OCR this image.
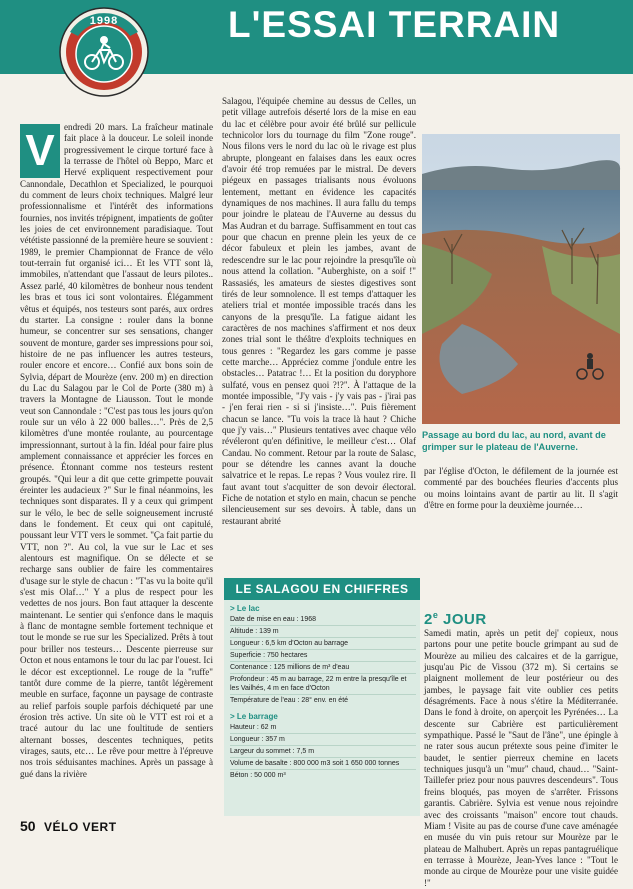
L'ESSAI TERRAIN
1998
V	endredi 20 mars. La fraîcheur matinale fait place à la douceur. Le soleil inonde progressivement le cirque torturé face à la terrasse de l'hôtel où Beppo, Marc et Hervé expliquent respectivement pour Cannondale, Decathlon et Specialized, le pourquoi du comment de leurs choix techniques. Malgré leur professionnalisme et l'intérêt des informations fournies, nos invités trépignent, impatients de goûter les joies de cet environnement paradisiaque. Tout vététiste passionné de la première heure se souvient : 1989, le premier Championnat de France de vélo tout-terrain fut organisé ici… Et les VTT sont là, immobiles, n'attendant que l'assaut de leurs pilotes.. Assez parlé, 40 kilomètres de bonheur nous tendent les bras et tous ici sont volontaires. Élégamment vêtus et équipés, nos testeurs sont parés, aux ordres du starter. La consigne : rouler dans la bonne humeur, se concentrer sur ses sensations, changer souvent de monture, garder ses impressions pour soi, histoire de ne pas influencer les autres testeurs, rouler encore et encore… Confié aux bons soin de Sylvia, départ de Mourèze (env. 200 m) en direction du Lac du Salagou par le Col de Porte (380 m) à travers la Montagne de Liausson. Tout le monde veut son Cannondale : "C'est pas tous les jours qu'on roule sur un vélo à 22 000 balles…". Près de 2,5 kilomètres d'une montée roulante, au pourcentage impressionnant, surtout à la fin. Idéal pour faire plus amplement connaissance et apprécier les forces en présence. Étonnant comme nos testeurs restent groupés. "Qui leur a dit que cette grimpette pouvait éreinter les audacieux ?" Sur le final néanmoins, les techniques sont disparates. Il y a ceux qui grimpent sur le vélo, le bec de selle soigneusement incrusté dans le fondement. Et ceux qui ont capitulé, poussant leur VTT vers le sommet. "Ça fait partie du VTT, non ?". Au col, la vue sur le Lac et ses alentours est magnifique. On se délecte et se recharge sans oublier de faire les commentaires d'usage sur le style de chacun : "T'as vu la boite qu'il s'est mis Olaf…" Y a plus de respect pour les vedettes de nos jours. Bon faut attaquer la descente maintenant. Le sentier qui s'enfonce dans le maquis à flanc de montagne semble fortement technique et tout le monde se rue sur les Specialized. Prêts à tout pour briller nos testeurs… Descente pierreuse sur Octon et nous entamons le tour du lac par l'ouest. Ici le décor est exceptionnel. Le rouge de la "ruffe" tantôt dure comme de la pierre, tantôt légèrement meuble en surface, façonne un paysage de contraste au relief parfois souple parfois déchiqueté par une érosion très active. Un site où le VTT est roi et a tracé autour du lac une foultitude de sentiers alternant bosses, descentes techniques, petits virages, sauts, etc… Le rêve pour mettre à l'épreuve nos trois séduisantes machines. Après un passage à gué dans la rivière

Salagou, l'équipée chemine au dessus de Celles, un petit village autrefois déserté lors de la mise en eau du lac et célèbre pour avoir été brûlé sur pellicule technicolor lors du tournage du film "Zone rouge". Nous filons vers le nord du lac où le rivage est plus abrupte, plongeant en falaises dans les eaux ocres d'avoir été trop remuées par le mistral. De devers piégeux en passages trialisants nous évoluons lentement, mettant en évidence les capacités dynamiques de nos machines. Il aura fallu du temps pour joindre le plateau de l'Auverne au dessus du Mas Audran et du barrage. Suffisamment en tout cas pour que chacun en prenne plein les yeux de ce décor fabuleux et plein les jambes, avant de redescendre sur le lac pour rejoindre la presqu'île où nous attend la collation. "Auberghiste, on a soif !" Rassasiés, les amateurs de siestes digestives sont tirés de leur somnolence. Il est temps d'attaquer les ateliers trial et montée impossible tracés dans les canyons de la presqu'île. La fatigue aidant les caractères de nos machines s'affirment et nos deux zones trial sont le théâtre d'exploits techniques en tous genres : "Regardez les gars comme je passe cette marche… Appréciez comme j'ondule entre les obstacles… Patatrac !… Et la position du doryphore sulfaté, vous en pensez quoi ?!?". À l'attaque de la montée impossible, "J'y vais - j'y vais pas - j'irai pas - j'en ferai rien - si si j'insiste…". Puis fièrement chacun se lance. "Tu vois la trace là haut ? Chiche que j'y vais…" Plusieurs tentatives avec chaque vélo révéleront qu'en définitive, le meilleur c'est… Olaf Candau. No comment. Retour par la route de Salasc, pour se détendre les cannes avant la douche salvatrice et le repas. Le repas ? Vous voulez rire. Il faut avant tout s'acquitter de son devoir électoral. Fiche de notation et stylo en main, chacun se penche silencieusement sur ses devoirs. À table, dans un restaurant abrité

Passage au bord du lac, au nord, avant de grimper sur le plateau de l'Auverne.

par l'église d'Octon, le défilement de la journée est commenté par des bouchées fleuries d'accents plus ou moins lointains avant de partir au lit. Il s'agit d'être en forme pour la deuxième journée…

2e JOUR

Samedi matin, après un petit dej' copieux, nous partons pour une petite boucle grimpant au sud de Mourèze au milieu des calcaires et de la garrigue, jusqu'au Pic de Vissou (372 m). Si certains se plaignent mollement de leur postérieur ou des jambes, le paysage fait vite oublier ces petits désagréments. Face à nous s'étire la Méditerranée. Dans le fond à droite, on aperçoit les Pyrénées… La descente sur Cabrière est particulièrement sympathique. Passé le "Saut de l'âne", une épingle à ne rater sous aucun prétexte sous peine d'imiter le baudet, le sentier pierreux cheminе en lacets techniques jusqu'à un "mur" chaud, chaud… "Saint-Taillefer priez pour nous pauvres descendeurs". Tous freins bloqués, pas moyen de s'arrêter. Frissons garantis. Cabrière. Sylvia est venue nous rejoindre avec des croissants "maison" encore tout chauds. Miam ! Visite au pas de course d'une cave aménagée en musée du vin puis retour sur Mourèze par le plateau de Malhubert. Après un repas pantagruélique en terrasse à Mourèze, Jean-Yves lance : "Tout le monde au cirque de Mourèze pour une visite guidée !"

LE SALAGOU EN CHIFFRES
> Le lac
Date de mise en eau : 1968
Altitude : 139 m
Longueur : 6,5 km d'Octon au barrage
Superficie : 750 hectares
Contenance : 125 millions de m³ d'eau
Profondeur : 45 m au barrage, 22 m entre la presqu'île et les Vailhés, 4 m en face d'Octon
Température de l'eau : 28° env. en été
> Le barrage
Hauteur : 62 m
Longueur : 357 m
Largeur du sommet : 7,5 m
Volume de basalte : 800 000 m3 soit 1 650 000 tonnes
Béton : 50 000 m³
50 VÉLO VERT
